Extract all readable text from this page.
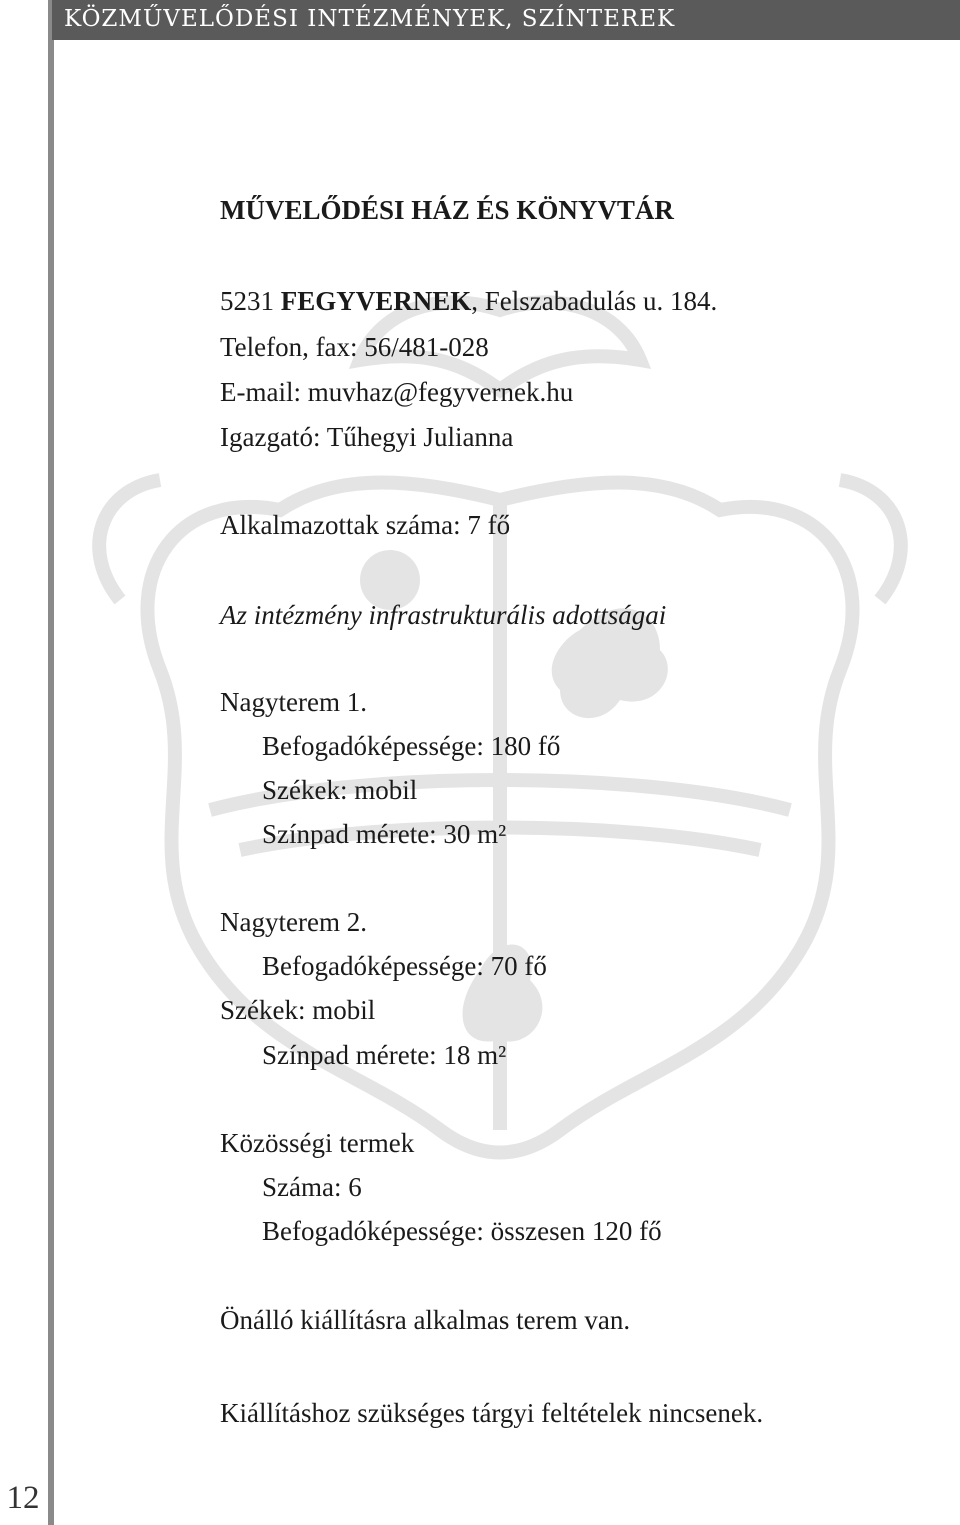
KÖZMŰVELŐDÉSI INTÉZMÉNYEK, SZÍNTEREK
MŰVELŐDÉSI HÁZ ÉS KÖNYVTÁR
5231 FEGYVERNEK, Felszabadulás u. 184.
Telefon, fax: 56/481-028
E-mail: muvhaz@fegyvernek.hu
Igazgató: Tűhegyi Julianna
Alkalmazottak száma: 7 fő
Az intézmény infrastrukturális adottságai
Nagyterem 1.
Befogadóképessége: 180 fő
Székek: mobil
Színpad mérete: 30 m²
Nagyterem 2.
Befogadóképessége: 70 fő
Székek: mobil
Színpad mérete: 18 m²
Közösségi termek
Száma: 6
Befogadóképessége: összesen 120 fő
Önálló kiállításra alkalmas terem van.
Kiállításhoz szükséges tárgyi feltételek nincsenek.
12
